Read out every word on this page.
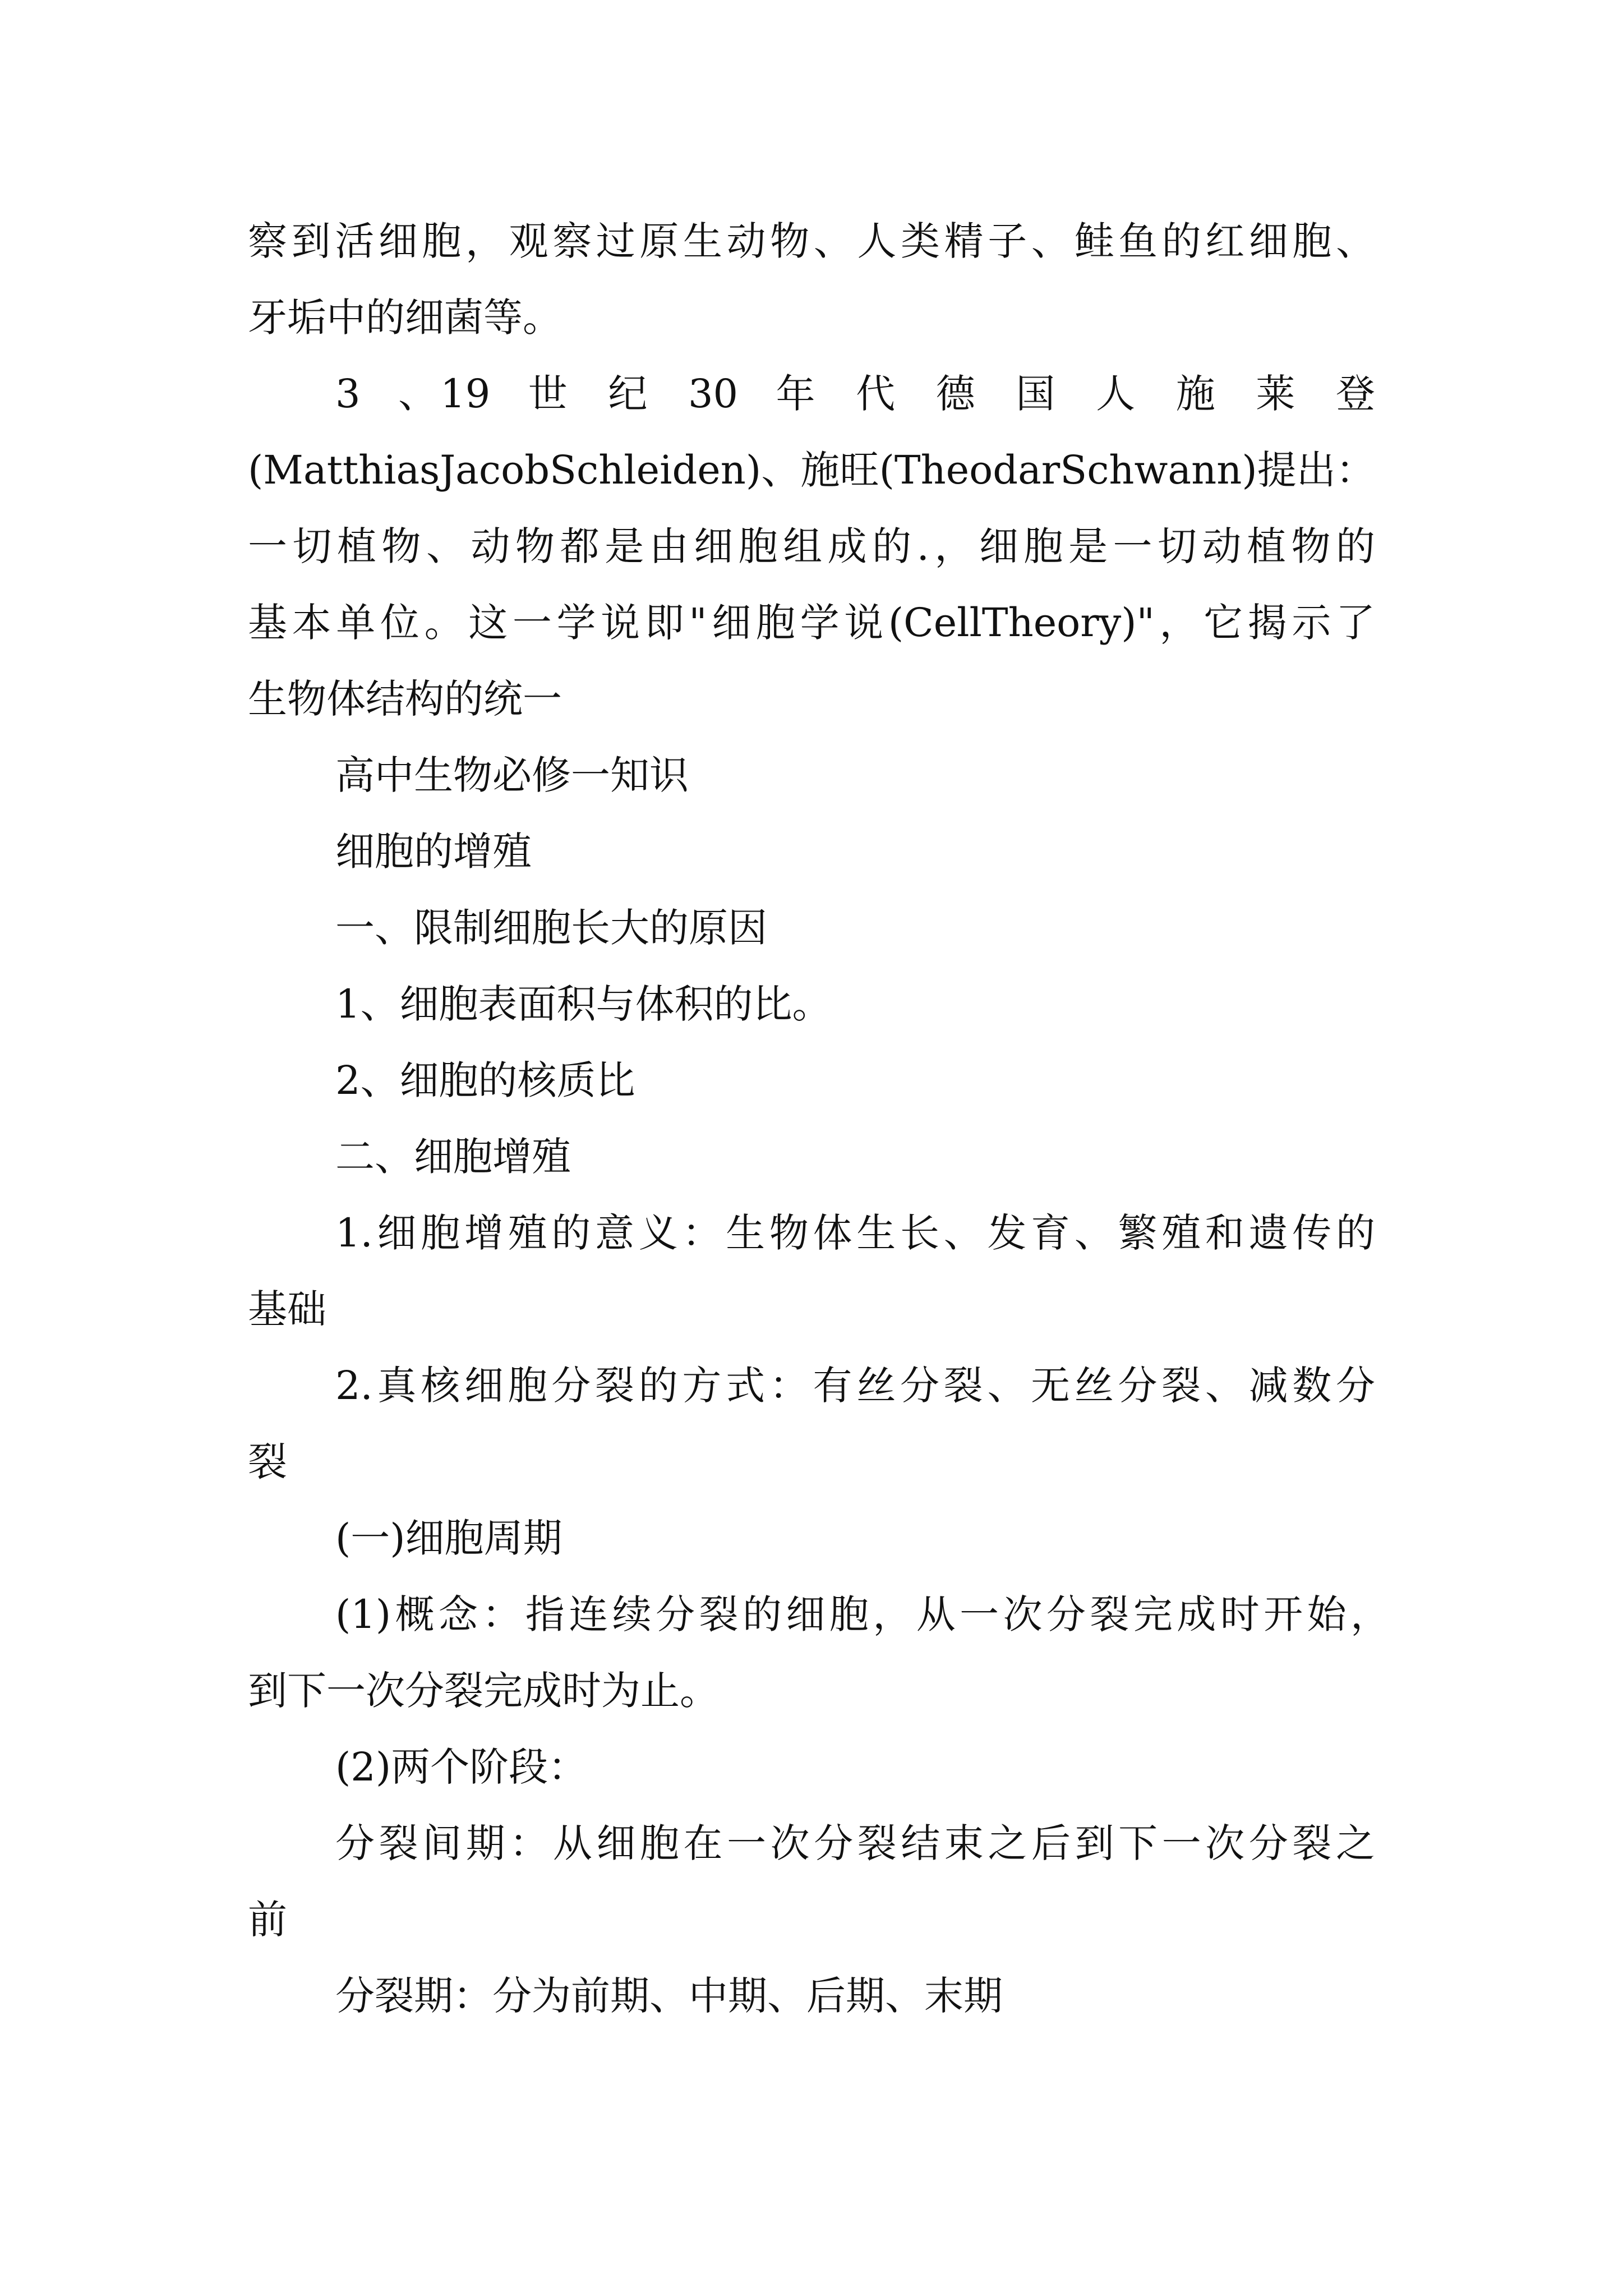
察到活细胞，观察过原生动物、人类精子、鲑鱼的红细胞、
牙垢中的细菌等。
3 、19 世 纪 30 年 代 德 国 人 施 莱 登
(MatthiasJacobSchleiden)、施旺(TheodarSchwann)提出：
一切植物、动物都是由细胞组成的.，细胞是一切动植物的
基本单位。这一学说即"细胞学说(CellTheory)"，它揭示了
生物体结构的统一
高中生物必修一知识
细胞的增殖
一、限制细胞长大的原因
1、细胞表面积与体积的比。
2、细胞的核质比
二、细胞增殖
1.细胞增殖的意义：生物体生长、发育、繁殖和遗传的
基础
2.真核细胞分裂的方式：有丝分裂、无丝分裂、减数分
裂
(一)细胞周期
(1)概念：指连续分裂的细胞，从一次分裂完成时开始，
到下一次分裂完成时为止。
(2)两个阶段：
分裂间期：从细胞在一次分裂结束之后到下一次分裂之
前
分裂期：分为前期、中期、后期、末期
